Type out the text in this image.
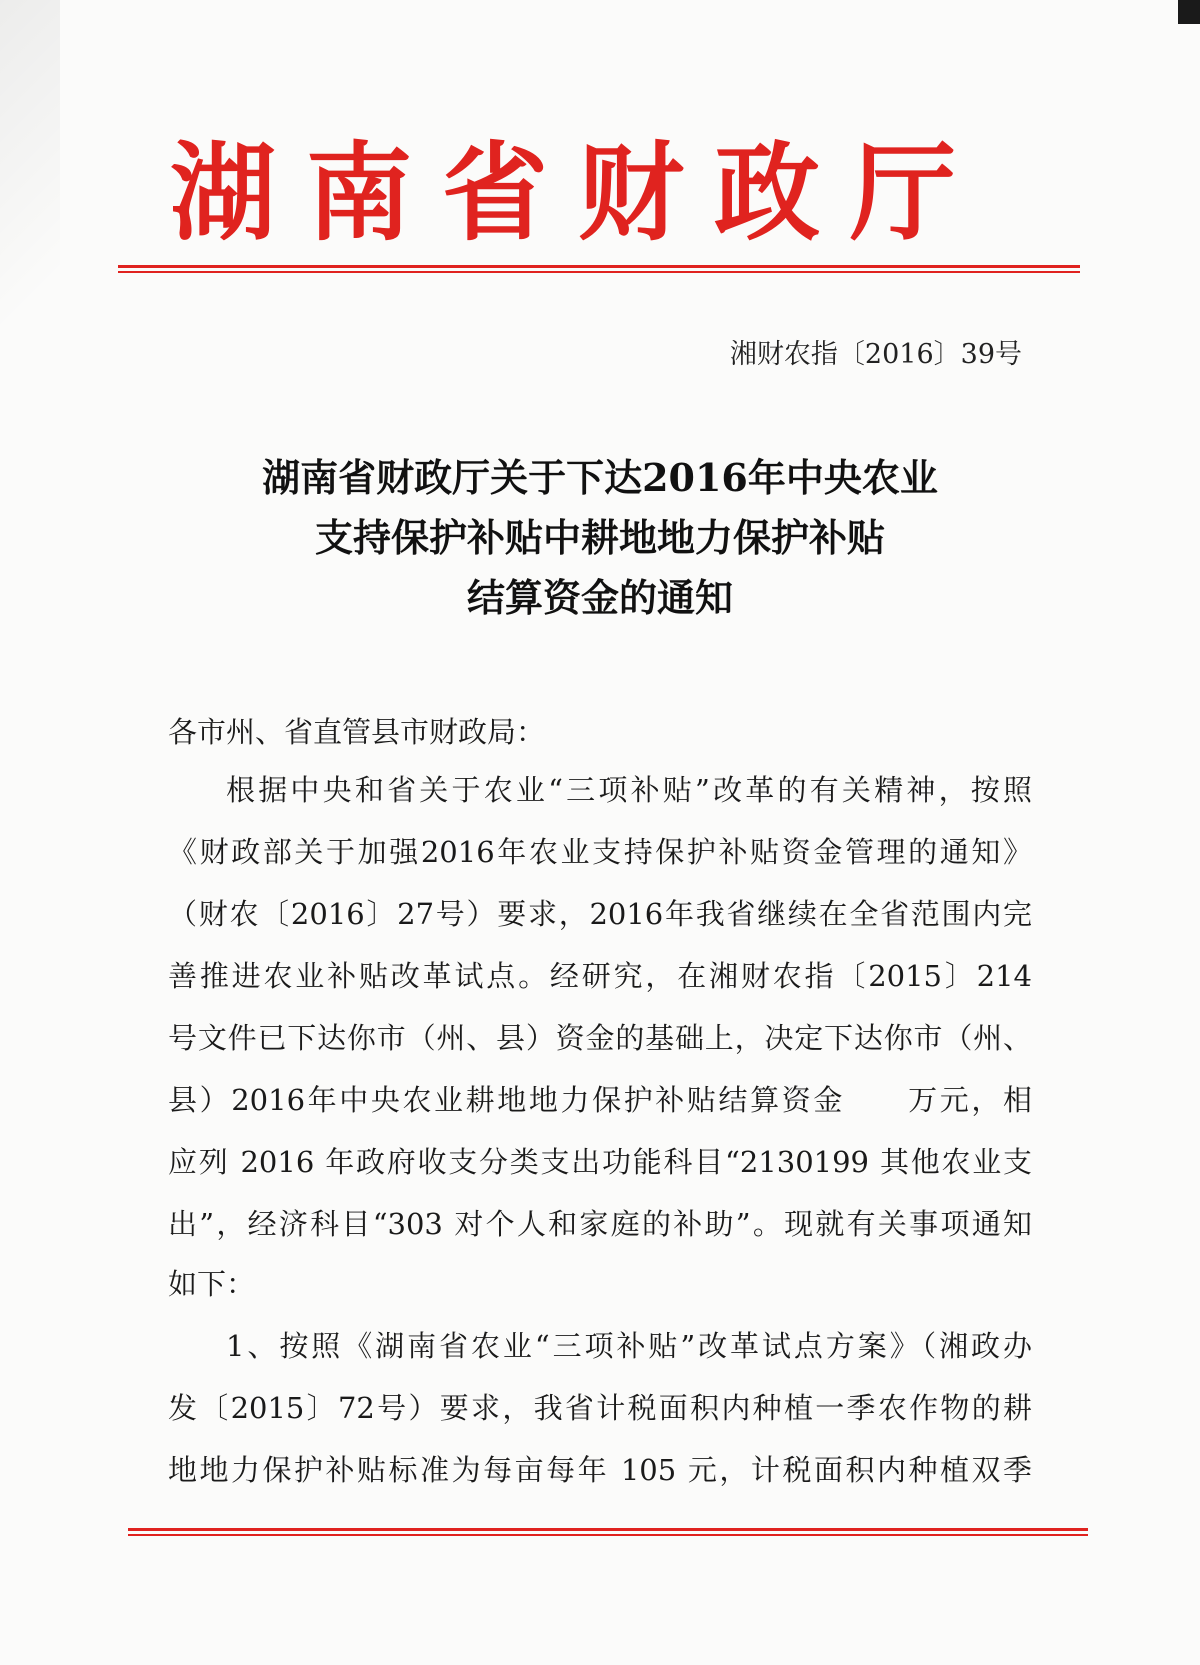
湖南省财政厅
湘财农指〔2016〕39号
湖南省财政厅关于下达2016年中央农业
支持保护补贴中耕地地力保护补贴
结算资金的通知
各市州、省直管县市财政局：
根据中央和省关于农业“三项补贴”改革的有关精神，按照
《财政部关于加强2016年农业支持保护补贴资金管理的通知》
（财农〔2016〕27号）要求，2016年我省继续在全省范围内完
善推进农业补贴改革试点。经研究，在湘财农指〔2015〕214
号文件已下达你市（州、县）资金的基础上，决定下达你市（州、
县）2016年中央农业耕地地力保护补贴结算资金　　万元，相
应列 2016 年政府收支分类支出功能科目“2130199 其他农业支
出”，经济科目“303 对个人和家庭的补助”。现就有关事项通知
如下：
1、按照《湖南省农业“三项补贴”改革试点方案》（湘政办
发〔2015〕72号）要求，我省计税面积内种植一季农作物的耕
地地力保护补贴标准为每亩每年 105 元，计税面积内种植双季
